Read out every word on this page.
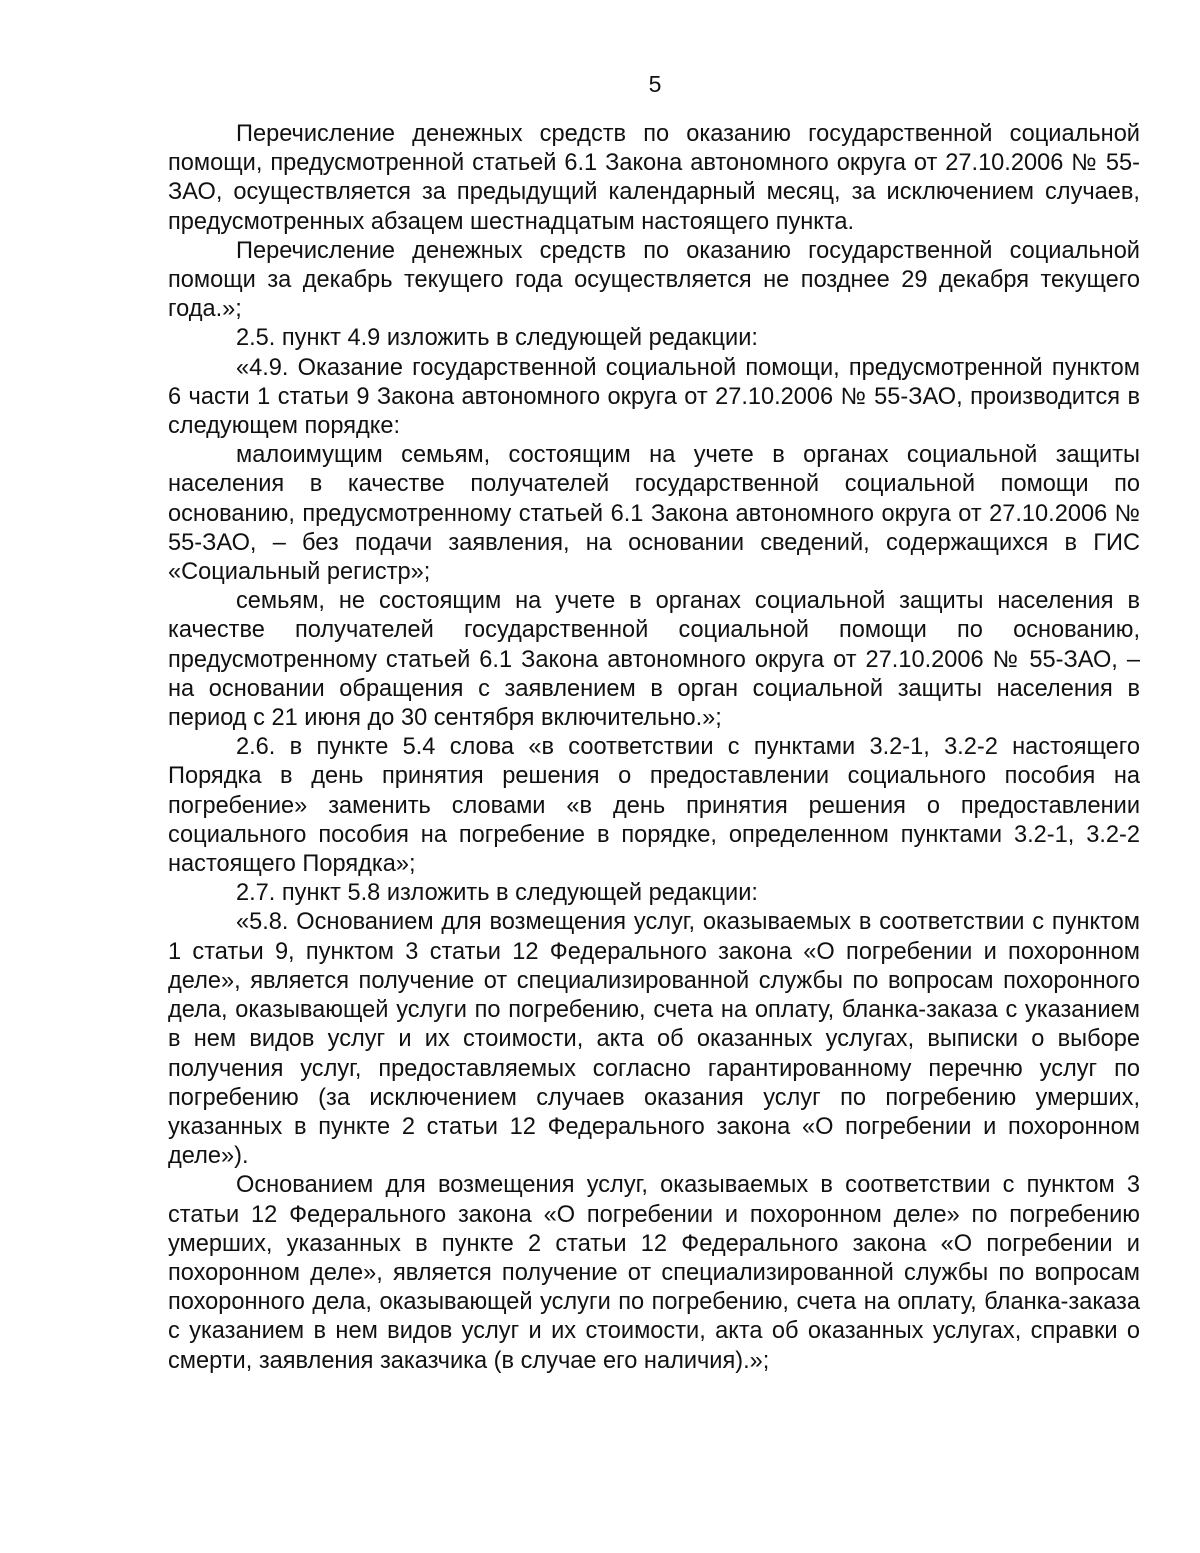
5

Перечисление денежных средств по оказанию государственной социальной помощи, предусмотренной статьей 6.1 Закона автономного округа от 27.10.2006 № 55-ЗАО, осуществляется за предыдущий календарный месяц, за исключением случаев, предусмотренных абзацем шестнадцатым настоящего пункта.

Перечисление денежных средств по оказанию государственной социальной помощи за декабрь текущего года осуществляется не позднее 29 декабря текущего года.»;

2.5. пункт 4.9 изложить в следующей редакции:

«4.9. Оказание государственной социальной помощи, предусмотренной пунктом 6 части 1 статьи 9 Закона автономного округа от 27.10.2006 № 55-ЗАО, производится в следующем порядке:

малоимущим семьям, состоящим на учете в органах социальной защиты населения в качестве получателей государственной социальной помощи по основанию, предусмотренному статьей 6.1 Закона автономного округа от 27.10.2006 № 55-ЗАО, – без подачи заявления, на основании сведений, содержащихся в ГИС «Социальный регистр»;

семьям, не состоящим на учете в органах социальной защиты населения в качестве получателей государственной социальной помощи по основанию, предусмотренному статьей 6.1 Закона автономного округа от 27.10.2006 № 55-ЗАО, – на основании обращения с заявлением в орган социальной защиты населения в период с 21 июня до 30 сентября включительно.»;

2.6. в пункте 5.4 слова «в соответствии с пунктами 3.2-1, 3.2-2 настоящего Порядка в день принятия решения о предоставлении социального пособия на погребение» заменить словами «в день принятия решения о предоставлении социального пособия на погребение в порядке, определенном пунктами 3.2-1, 3.2-2 настоящего Порядка»;

2.7. пункт 5.8 изложить в следующей редакции:

«5.8. Основанием для возмещения услуг, оказываемых в соответствии с пунктом 1 статьи 9, пунктом 3 статьи 12 Федерального закона «О погребении и похоронном деле», является получение от специализированной службы по вопросам похоронного дела, оказывающей услуги по погребению, счета на оплату, бланка-заказа с указанием в нем видов услуг и их стоимости, акта об оказанных услугах, выписки о выборе получения услуг, предоставляемых согласно гарантированному перечню услуг по погребению (за исключением случаев оказания услуг по погребению умерших, указанных в пункте 2 статьи 12 Федерального закона «О погребении и похоронном деле»).

Основанием для возмещения услуг, оказываемых в соответствии с пунктом 3 статьи 12 Федерального закона «О погребении и похоронном деле» по погребению умерших, указанных в пункте 2 статьи 12 Федерального закона «О погребении и похоронном деле», является получение от специализированной службы по вопросам похоронного дела, оказывающей услуги по погребению, счета на оплату, бланка-заказа с указанием в нем видов услуг и их стоимости, акта об оказанных услугах, справки о смерти, заявления заказчика (в случае его наличия).»;
